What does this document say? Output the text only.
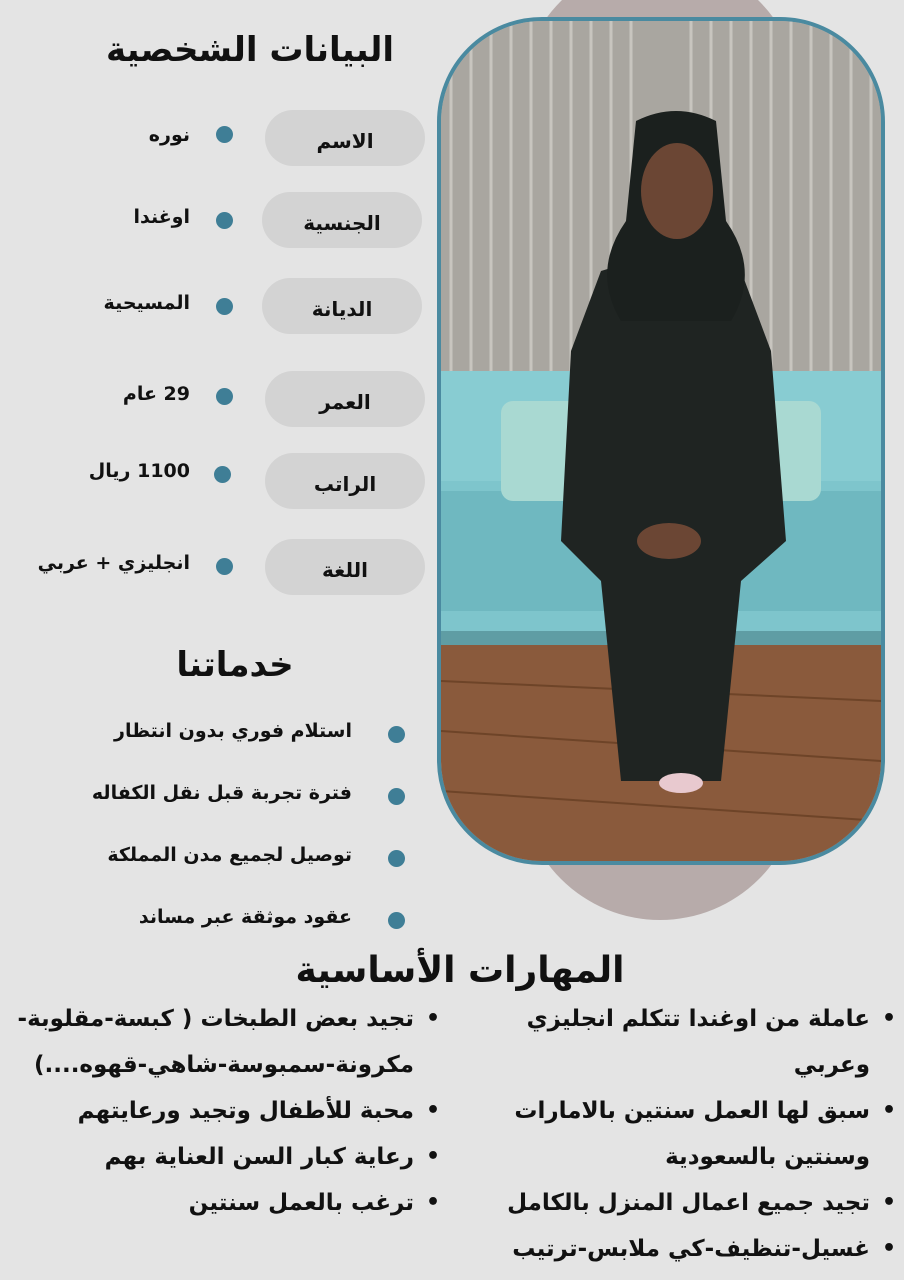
البيانات الشخصية
الاسم
نوره
الجنسية
اوغندا
الديانة
المسيحية
العمر
29 عام
الراتب
1100 ريال
اللغة
انجليزي + عربي
خدماتنا
استلام فوري بدون انتظار
فترة تجربة قبل نقل الكفاله
توصيل لجميع مدن المملكة
عقود موثقة عبر مساند
المهارات الأساسية
•
عاملة من اوغندا تتكلم انجليزي وعربي
•
سبق لها العمل سنتين بالامارات وسنتين بالسعودية
•
تجيد جميع اعمال المنزل بالكامل
•
غسيل-تنظيف-كي ملابس-ترتيب
•
تجيد بعض الطبخات ( كبسة-مقلوبة-مكرونة-سمبوسة-شاهي-قهوه....)
•
محبة للأطفال وتجيد ورعايتهم
•
رعاية كبار السن العناية بهم
•
ترغب بالعمل سنتين
